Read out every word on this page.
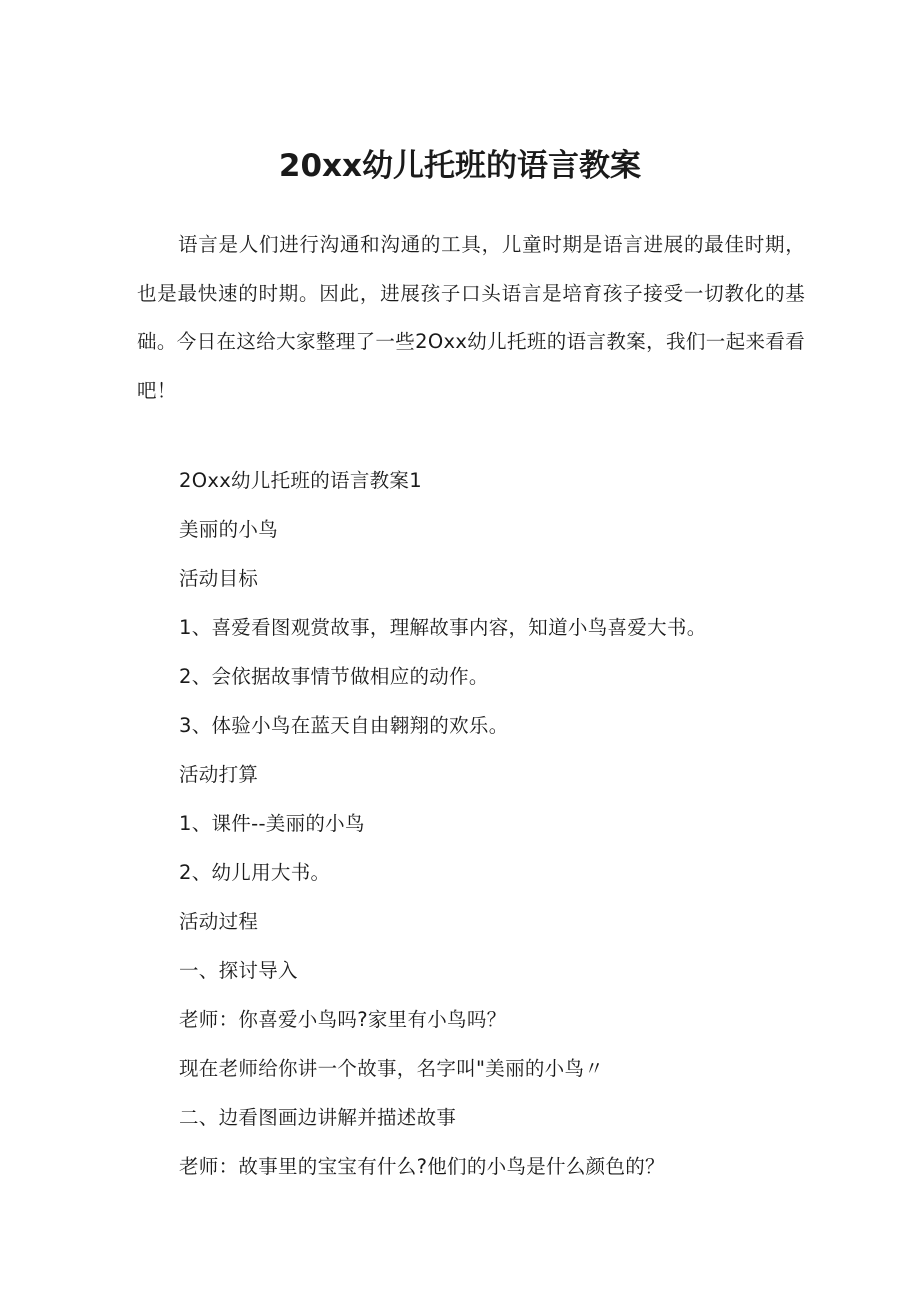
20xx幼儿托班的语言教案

语言是人们进行沟通和沟通的工具，儿童时期是语言进展的最佳时期，也是最快速的时期。因此，进展孩子口头语言是培育孩子接受一切教化的基础。今日在这给大家整理了一些2Oxx幼儿托班的语言教案，我们一起来看看吧！

2Oxx幼儿托班的语言教案1
美丽的小鸟
活动目标
1、喜爱看图观赏故事，理解故事内容，知道小鸟喜爱大书。
2、会依据故事情节做相应的动作。
3、体验小鸟在蓝天自由翱翔的欢乐。
活动打算
1、课件--美丽的小鸟
2、幼儿用大书。
活动过程
一、探讨导入
老师：你喜爱小鸟吗?家里有小鸟吗？
现在老师给你讲一个故事，名字叫"美丽的小鸟〃
二、边看图画边讲解并描述故事
老师：故事里的宝宝有什么?他们的小鸟是什么颜色的？
